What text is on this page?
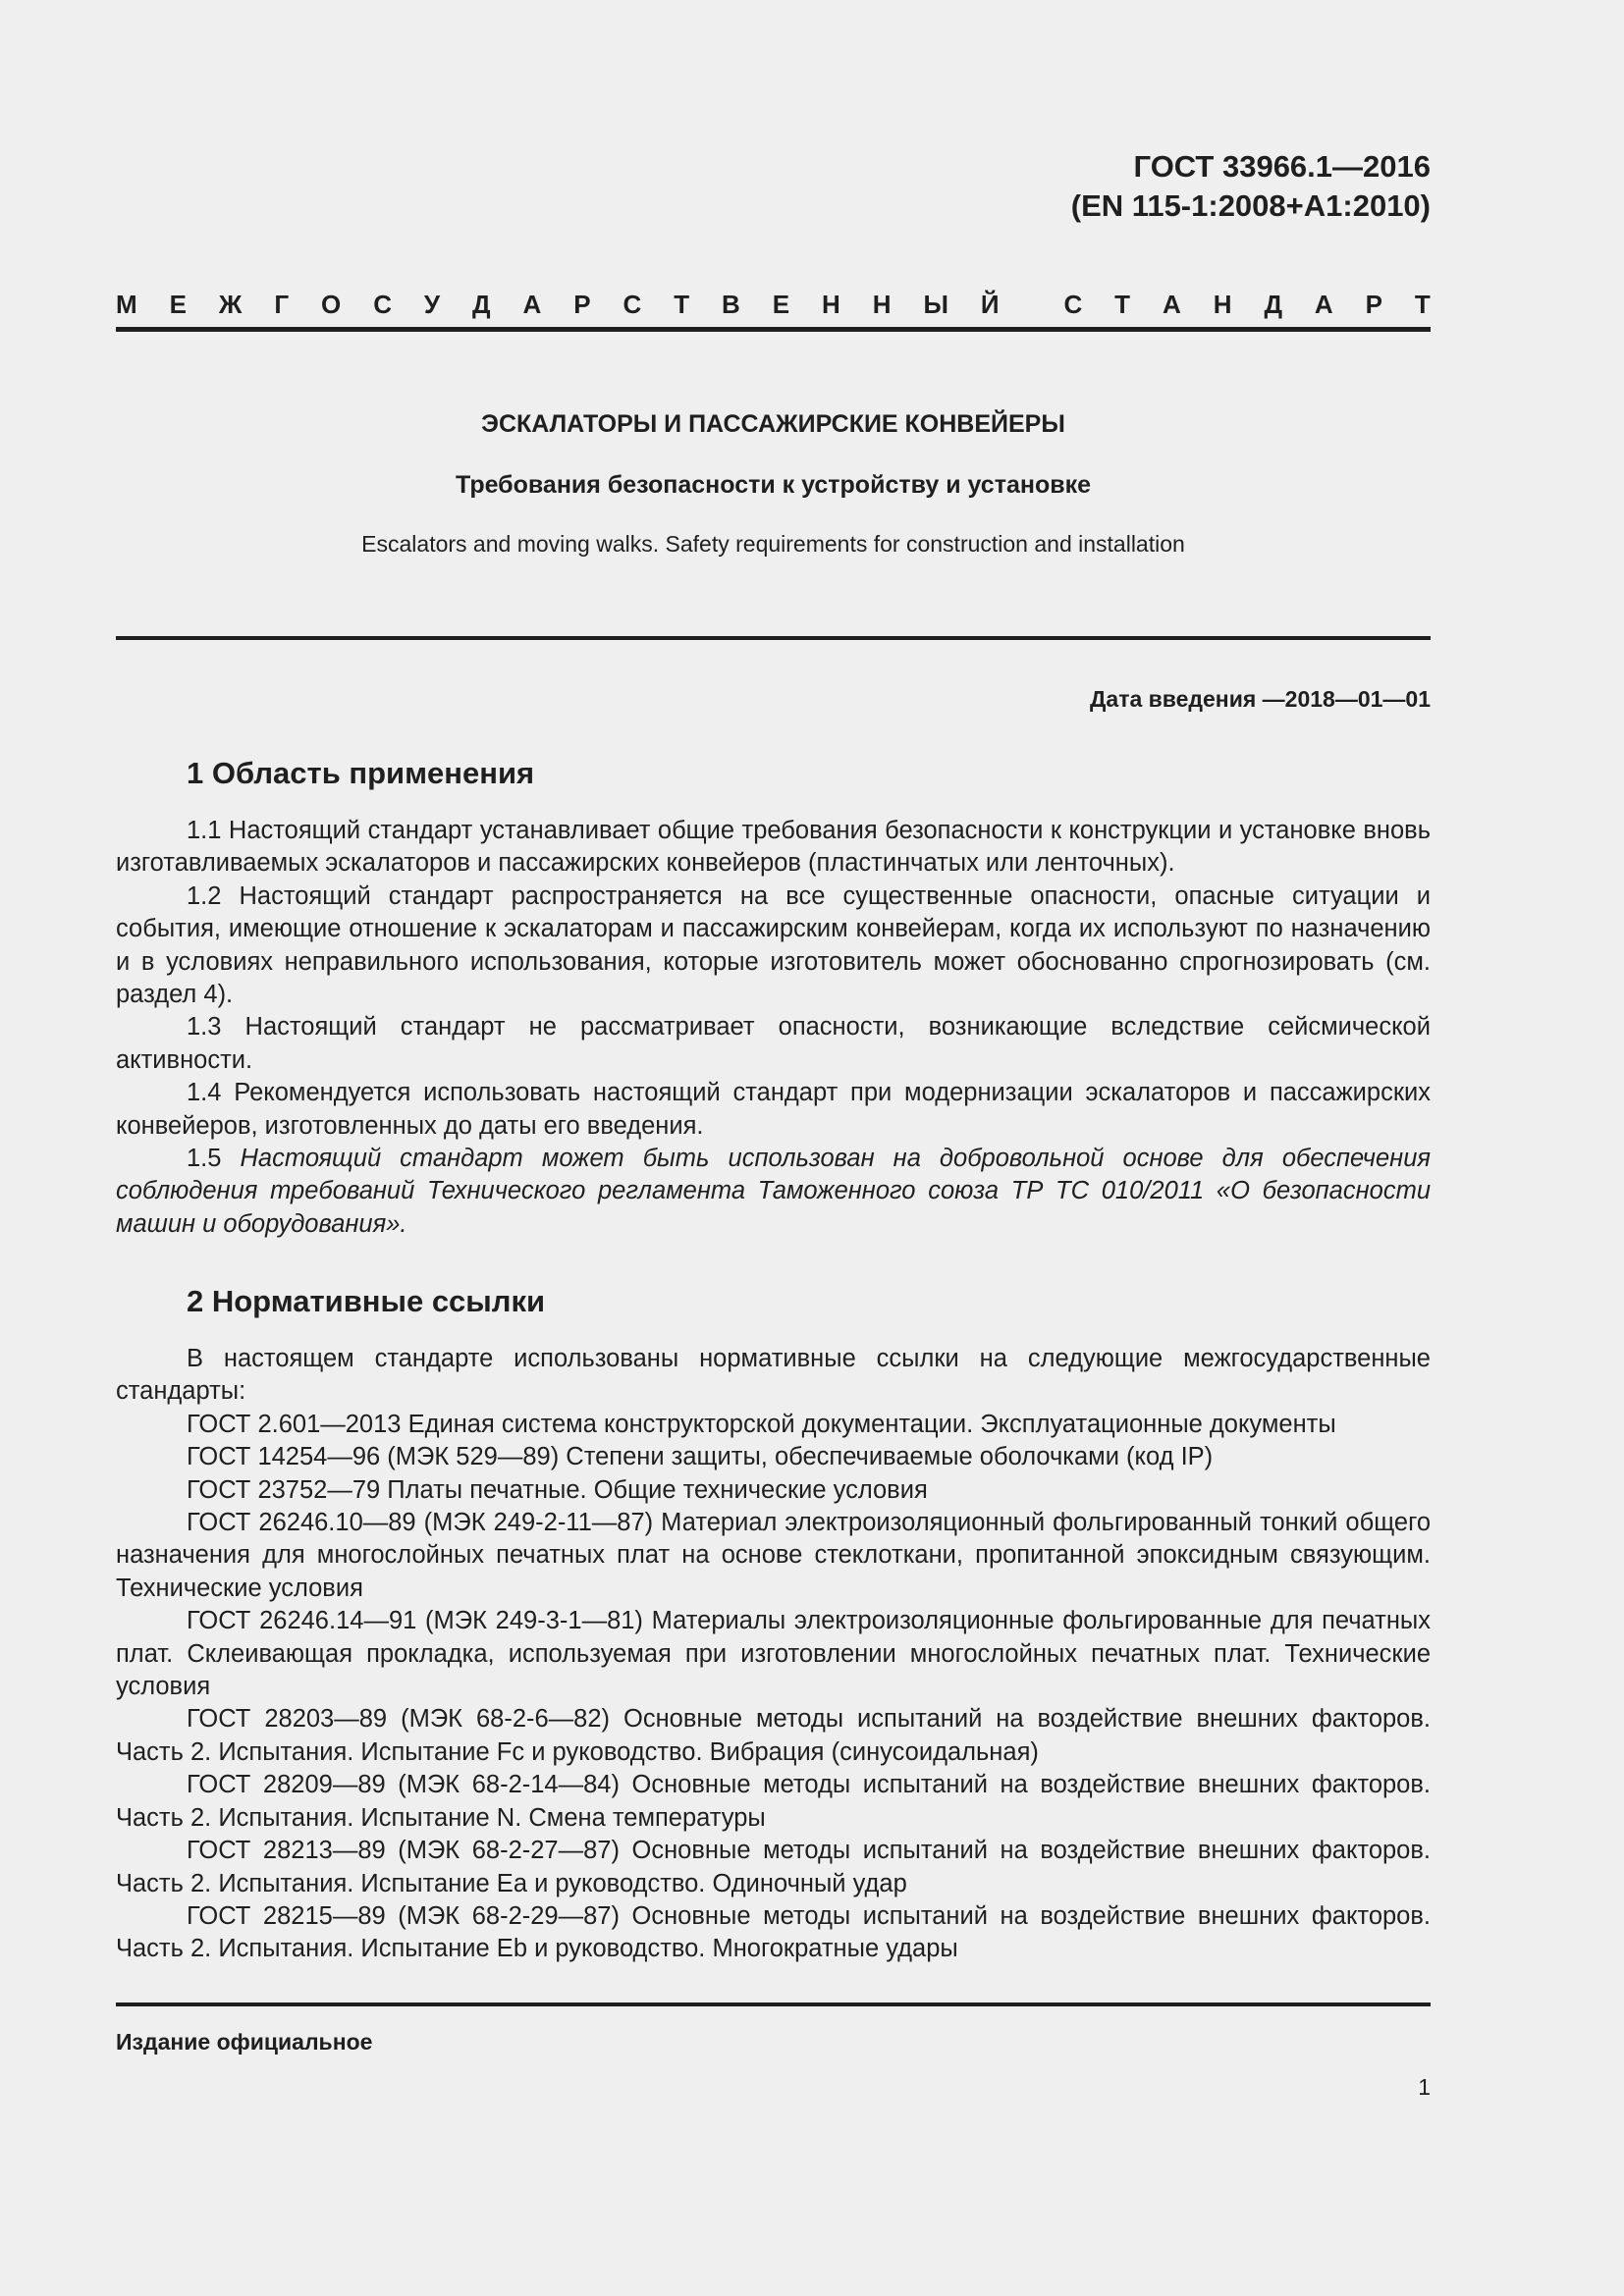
ГОСТ 33966.1—2016
(EN 115-1:2008+A1:2010)
М Е Ж Г О С У Д А Р С Т В Е Н Н Ы Й	С Т А Н Д А Р Т
ЭСКАЛАТОРЫ И ПАССАЖИРСКИЕ КОНВЕЙЕРЫ
Требования безопасности к устройству и установке
Escalators and moving walks. Safety requirements for construction and installation
Дата введения —2018—01—01
1 Область применения

1.1 Настоящий стандарт устанавливает общие требования безопасности к конструкции и установке вновь изготавливаемых эскалаторов и пассажирских конвейеров (пластинчатых или ленточных).

1.2 Настоящий стандарт распространяется на все существенные опасности, опасные ситуации и события, имеющие отношение к эскалаторам и пассажирским конвейерам, когда их используют по назначению и в условиях неправильного использования, которые изготовитель может обоснованно спрогнозировать (см. раздел 4).

1.3 Настоящий стандарт не рассматривает опасности, возникающие вследствие сейсмической активности.

1.4 Рекомендуется использовать настоящий стандарт при модернизации эскалаторов и пассажирских конвейеров, изготовленных до даты его введения.

1.5 Настоящий стандарт может быть использован на добровольной основе для обеспечения соблюдения требований Технического регламента Таможенного союза ТР ТС 010/2011 «О безопасности машин и оборудования».

2 Нормативные ссылки

В настоящем стандарте использованы нормативные ссылки на следующие межгосударственные стандарты:

ГОСТ 2.601—2013 Единая система конструкторской документации. Эксплуатационные документы

ГОСТ 14254—96 (МЭК 529—89) Степени защиты, обеспечиваемые оболочками (код IP)

ГОСТ 23752—79 Платы печатные. Общие технические условия

ГОСТ 26246.10—89 (МЭК 249-2-11—87) Материал электроизоляционный фольгированный тонкий общего назначения для многослойных печатных плат на основе стеклоткани, пропитанной эпоксидным связующим. Технические условия

ГОСТ 26246.14—91 (МЭК 249-3-1—81) Материалы электроизоляционные фольгированные для печатных плат. Склеивающая прокладка, используемая при изготовлении многослойных печатных плат. Технические условия

ГОСТ 28203—89 (МЭК 68-2-6—82) Основные методы испытаний на воздействие внешних факторов. Часть 2. Испытания. Испытание Fc и руководство. Вибрация (синусоидальная)

ГОСТ 28209—89 (МЭК 68-2-14—84) Основные методы испытаний на воздействие внешних факторов. Часть 2. Испытания. Испытание N. Смена температуры

ГОСТ 28213—89 (МЭК 68-2-27—87) Основные методы испытаний на воздействие внешних факторов. Часть 2. Испытания. Испытание Ea и руководство. Одиночный удар

ГОСТ 28215—89 (МЭК 68-2-29—87) Основные методы испытаний на воздействие внешних факторов. Часть 2. Испытания. Испытание Eb и руководство. Многократные удары

Издание официальное
1
